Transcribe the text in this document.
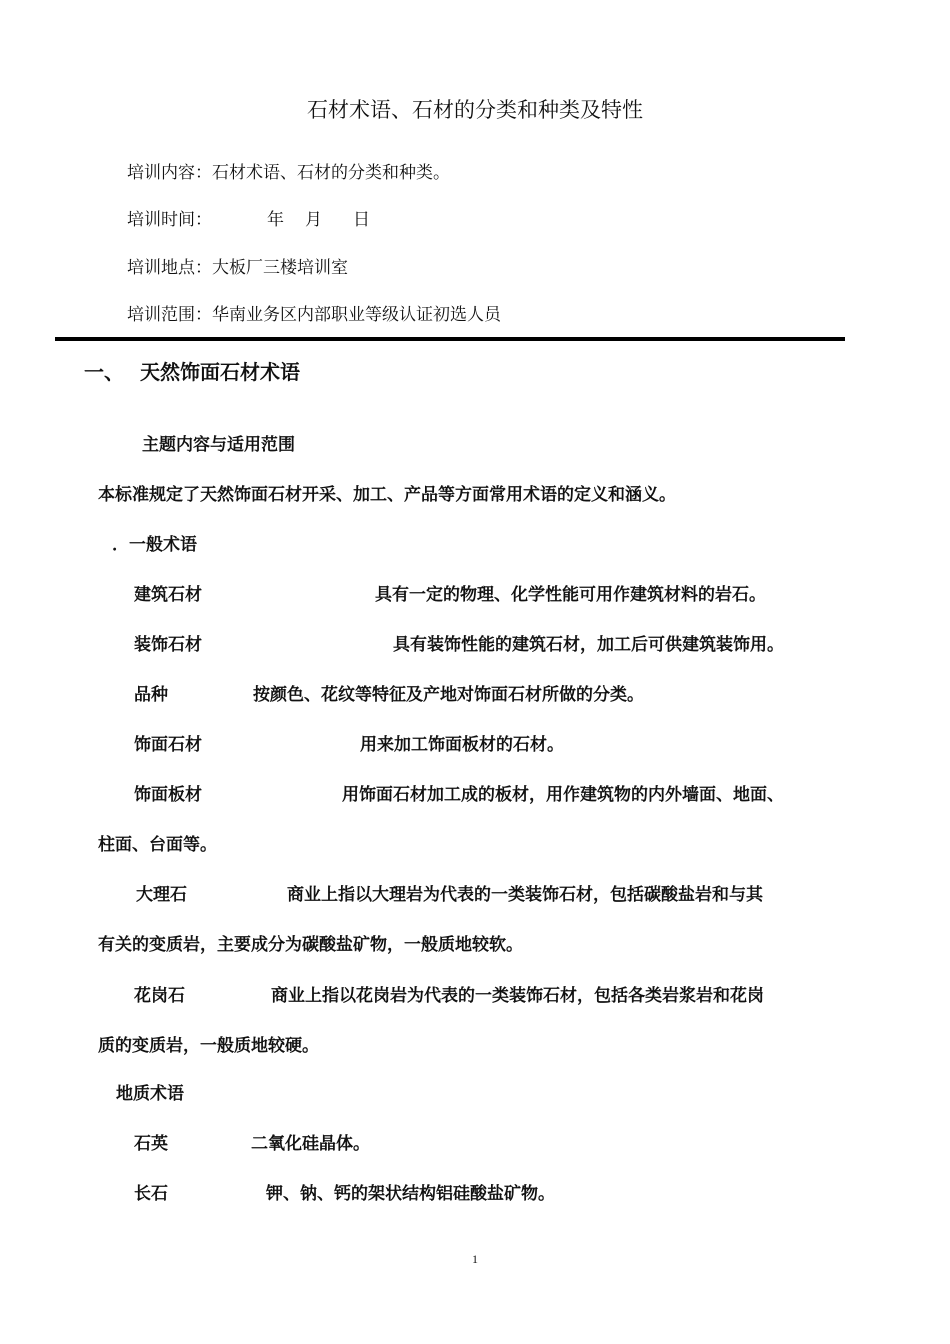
石材术语、石材的分类和种类及特性
培训内容：石材术语、石材的分类和种类。
培训时间：	年 月 日
培训地点：大板厂三楼培训室
培训范围：华南业务区内部职业等级认证初选人员
一、 天然饰面石材术语
主题内容与适用范围
本标准规定了天然饰面石材开采、加工、产品等方面常用术语的定义和涵义。
．一般术语
建筑石材	具有一定的物理、化学性能可用作建筑材料的岩石。
装饰石材	具有装饰性能的建筑石材，加工后可供建筑装饰用。
品种	按颜色、花纹等特征及产地对饰面石材所做的分类。
饰面石材	用来加工饰面板材的石材。
饰面板材	用饰面石材加工成的板材，用作建筑物的内外墙面、地面、
柱面、台面等。
大理石	商业上指以大理岩为代表的一类装饰石材，包括碳酸盐岩和与其
有关的变质岩，主要成分为碳酸盐矿物，一般质地较软。
花岗石	商业上指以花岗岩为代表的一类装饰石材，包括各类岩浆岩和花岗
质的变质岩，一般质地较硬。
地质术语
石英	二氧化硅晶体。
长石	钾、钠、钙的架状结构铝硅酸盐矿物。
1
